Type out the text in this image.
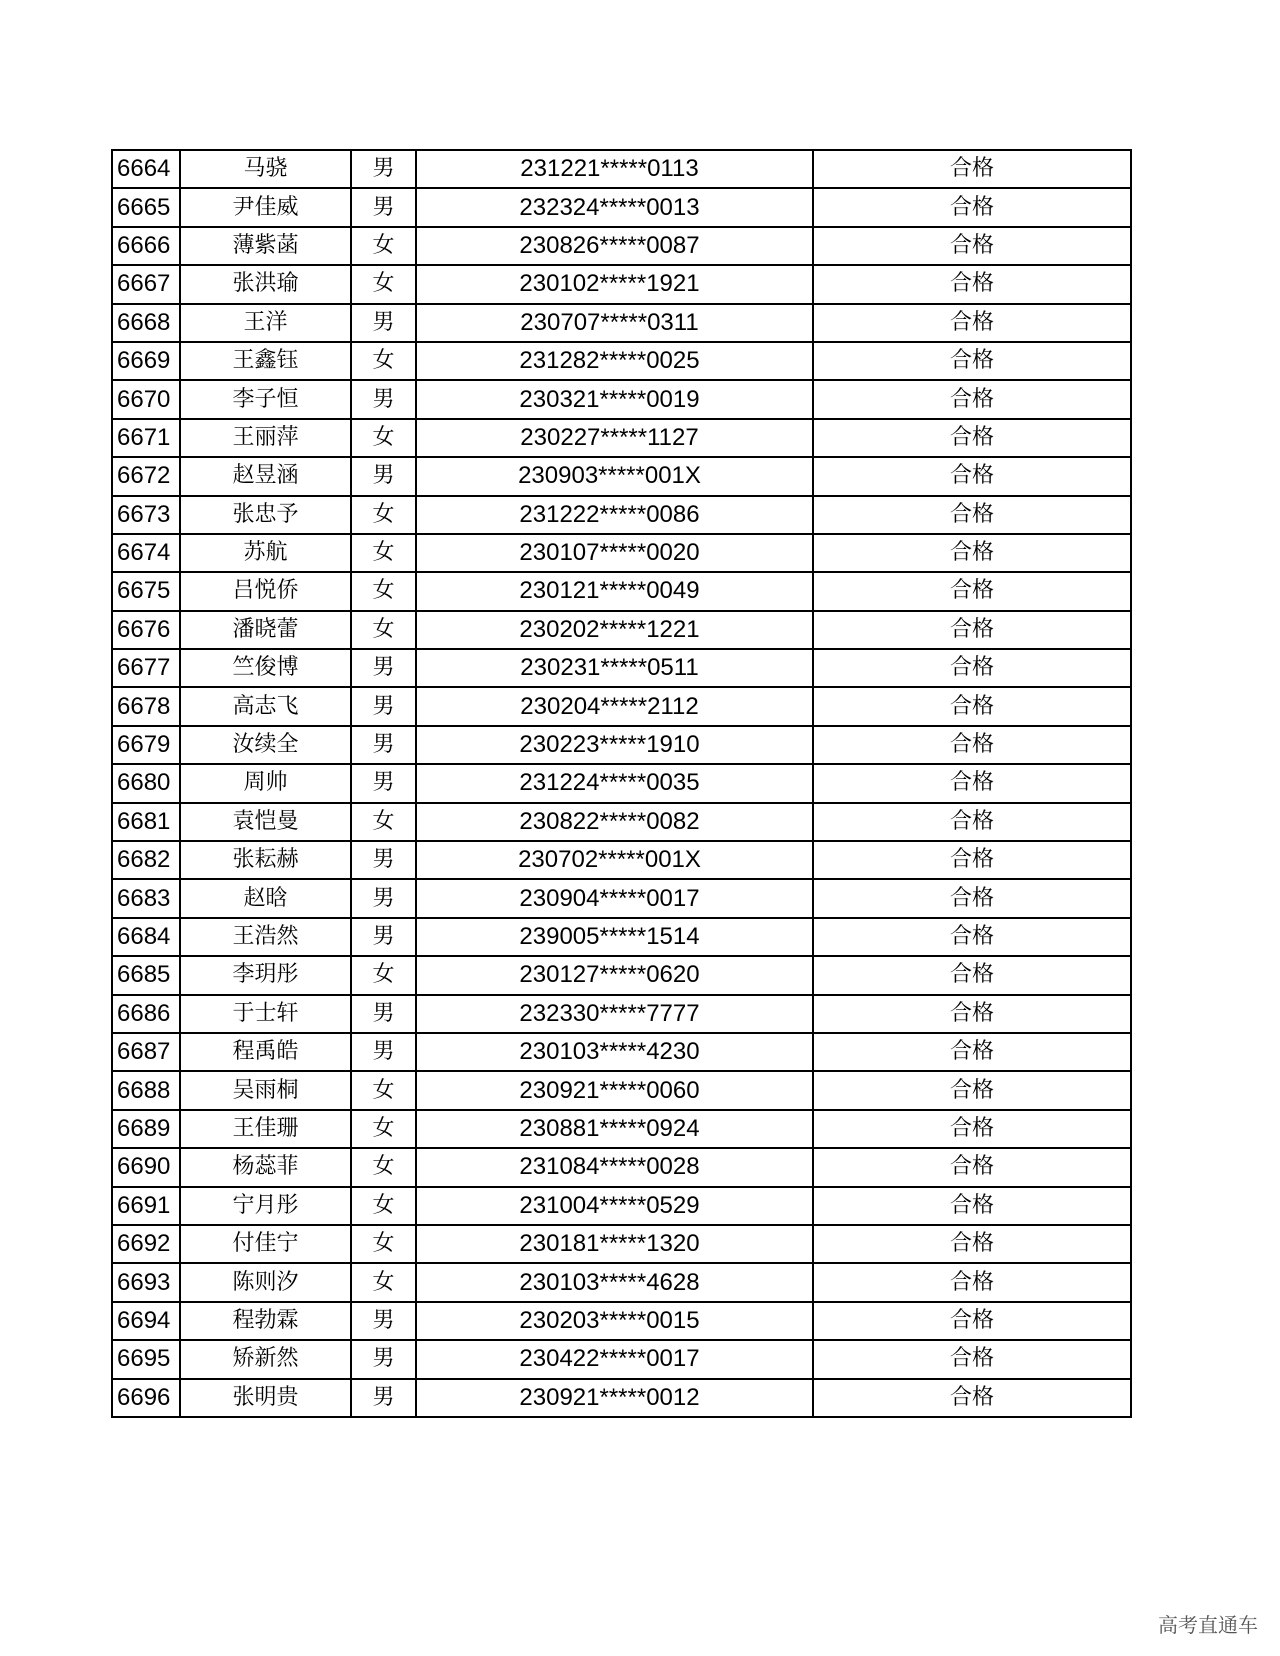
6664	马骁	男	231221*****0113	合格
6665	尹佳威	男	232324*****0013	合格
6666	薄紫菡	女	230826*****0087	合格
6667	张洪瑜	女	230102*****1921	合格
6668	王洋	男	230707*****0311	合格
6669	王鑫钰	女	231282*****0025	合格
6670	李子恒	男	230321*****0019	合格
6671	王丽萍	女	230227*****1127	合格
6672	赵昱涵	男	230903*****001X	合格
6673	张忠予	女	231222*****0086	合格
6674	苏航	女	230107*****0020	合格
6675	吕悦侨	女	230121*****0049	合格
6676	潘晓蕾	女	230202*****1221	合格
6677	竺俊博	男	230231*****0511	合格
6678	高志飞	男	230204*****2112	合格
6679	汝续全	男	230223*****1910	合格
6680	周帅	男	231224*****0035	合格
6681	袁恺曼	女	230822*****0082	合格
6682	张耘赫	男	230702*****001X	合格
6683	赵晗	男	230904*****0017	合格
6684	王浩然	男	239005*****1514	合格
6685	李玥彤	女	230127*****0620	合格
6686	于士轩	男	232330*****7777	合格
6687	程禹皓	男	230103*****4230	合格
6688	吴雨桐	女	230921*****0060	合格
6689	王佳珊	女	230881*****0924	合格
6690	杨蕊菲	女	231084*****0028	合格
6691	宁月彤	女	231004*****0529	合格
6692	付佳宁	女	230181*****1320	合格
6693	陈则汐	女	230103*****4628	合格
6694	程勃霖	男	230203*****0015	合格
6695	矫新然	男	230422*****0017	合格
6696	张明贵	男	230921*****0012	合格
高考直通车
